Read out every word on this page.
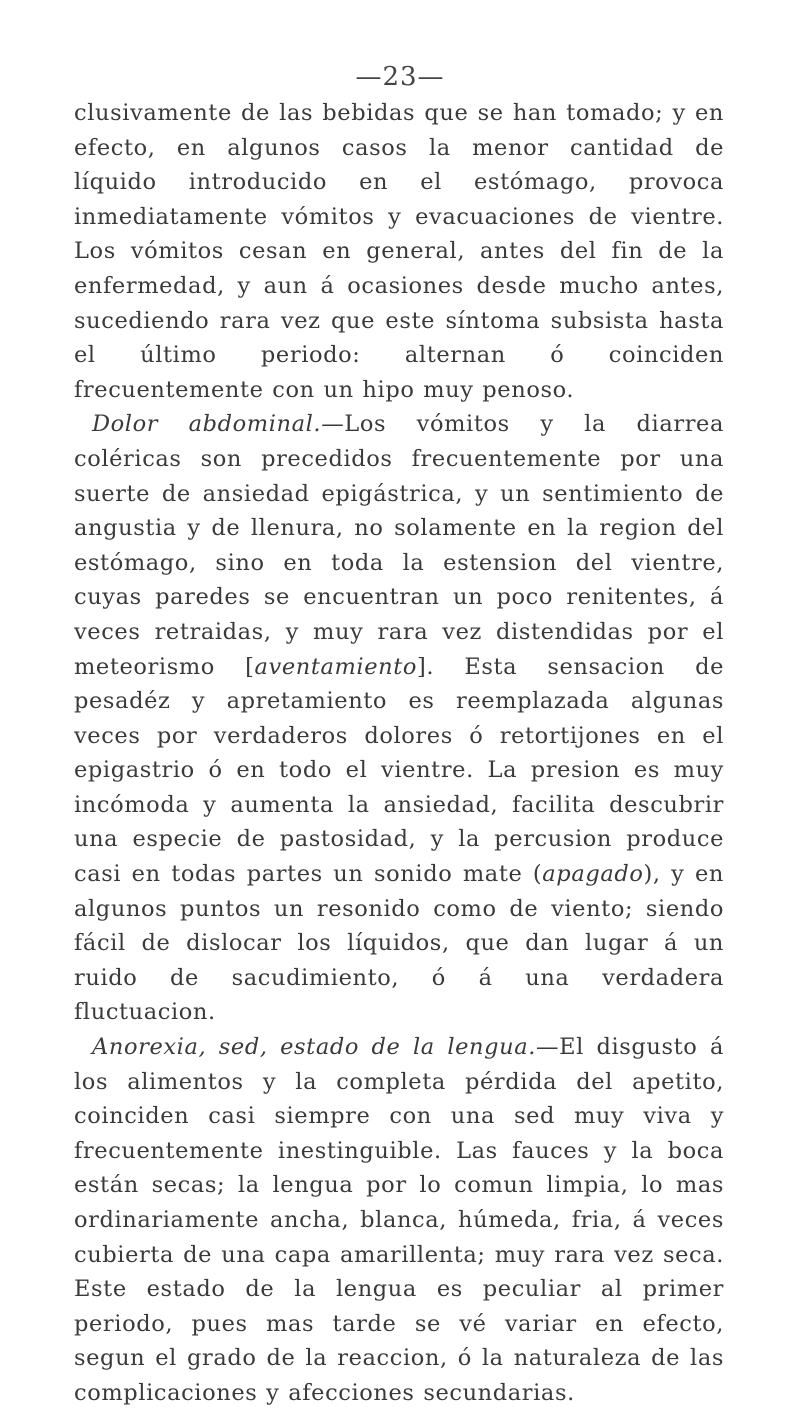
—23—

clusivamente de las bebidas que se han tomado; y en efecto, en algunos casos la menor cantidad de líquido introducido en el estómago, provoca inmediatamente vómitos y evacuaciones de vientre. Los vómitos cesan en general, antes del fin de la enfermedad, y aun á ocasiones desde mucho antes, sucediendo rara vez que este síntoma subsista hasta el último periodo: alternan ó coinciden frecuentemente con un hipo muy penoso.

Dolor abdominal.—Los vómitos y la diarrea coléricas son precedidos frecuentemente por una suerte de ansiedad epigástrica, y un sentimiento de angustia y de llenura, no solamente en la region del estómago, sino en toda la estension del vientre, cuyas paredes se encuentran un poco renitentes, á veces retraidas, y muy rara vez distendidas por el meteorismo [aventamiento]. Esta sensacion de pesadéz y apretamiento es reemplazada algunas veces por verdaderos dolores ó retortijones en el epigastrio ó en todo el vientre. La presion es muy incómoda y aumenta la ansiedad, facilita descubrir una especie de pastosidad, y la percusion produce casi en todas partes un sonido mate (apagado), y en algunos puntos un resonido como de viento; siendo fácil de dislocar los líquidos, que dan lugar á un ruido de sacudimiento, ó á una verdadera fluctuacion.

Anorexia, sed, estado de la lengua.—El disgusto á los alimentos y la completa pérdida del apetito, coinciden casi siempre con una sed muy viva y frecuentemente inestinguible. Las fauces y la boca están secas; la lengua por lo comun limpia, lo mas ordinariamente ancha, blanca, húmeda, fria, á veces cubierta de una capa amarillenta; muy rara vez seca. Este estado de la lengua es peculiar al primer periodo, pues mas tarde se vé variar en efecto, segun el grado de la reaccion, ó la naturaleza de las complicaciones y afecciones secundarias.
